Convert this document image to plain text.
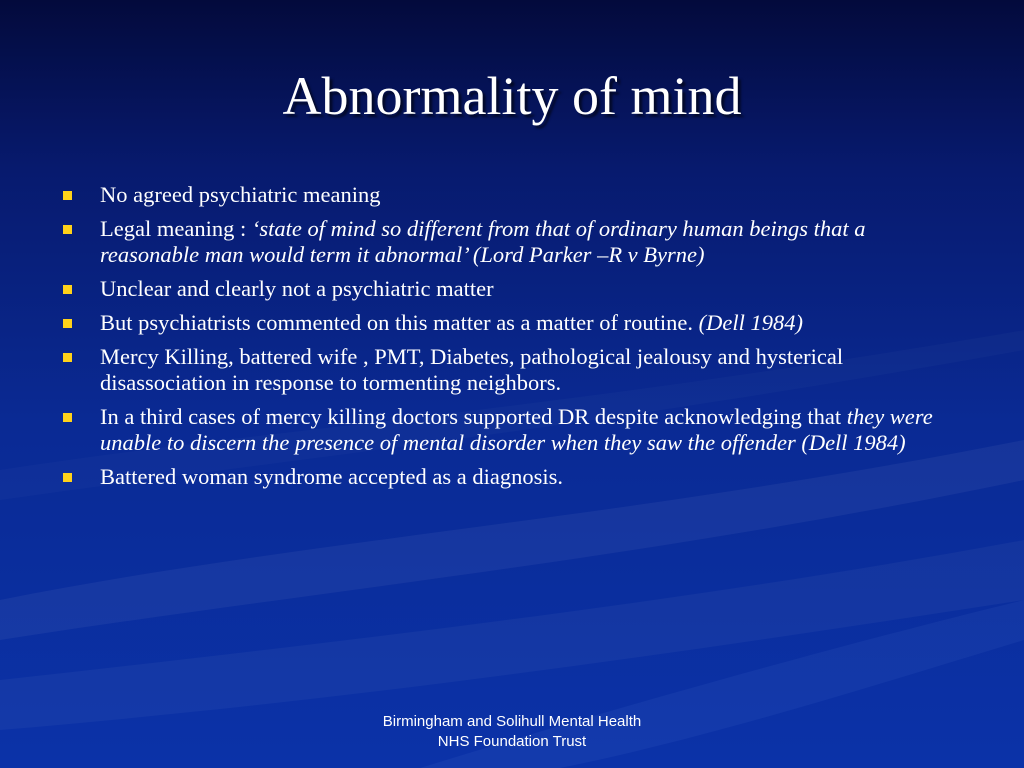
Abnormality of mind
No agreed psychiatric meaning
Legal meaning : ‘state of mind so different from that of ordinary human beings that a reasonable man would term it abnormal’ (Lord Parker –R v Byrne)
Unclear and clearly not a psychiatric matter
But psychiatrists commented on this matter as a matter of routine. (Dell 1984)
Mercy Killing, battered wife , PMT, Diabetes, pathological jealousy and hysterical disassociation in response to tormenting neighbors.
In a third cases of mercy killing doctors supported DR despite acknowledging that they were unable to discern the presence of mental disorder when they saw the offender (Dell 1984)
Battered woman syndrome accepted as a diagnosis.
Birmingham and Solihull Mental Health
NHS Foundation Trust
